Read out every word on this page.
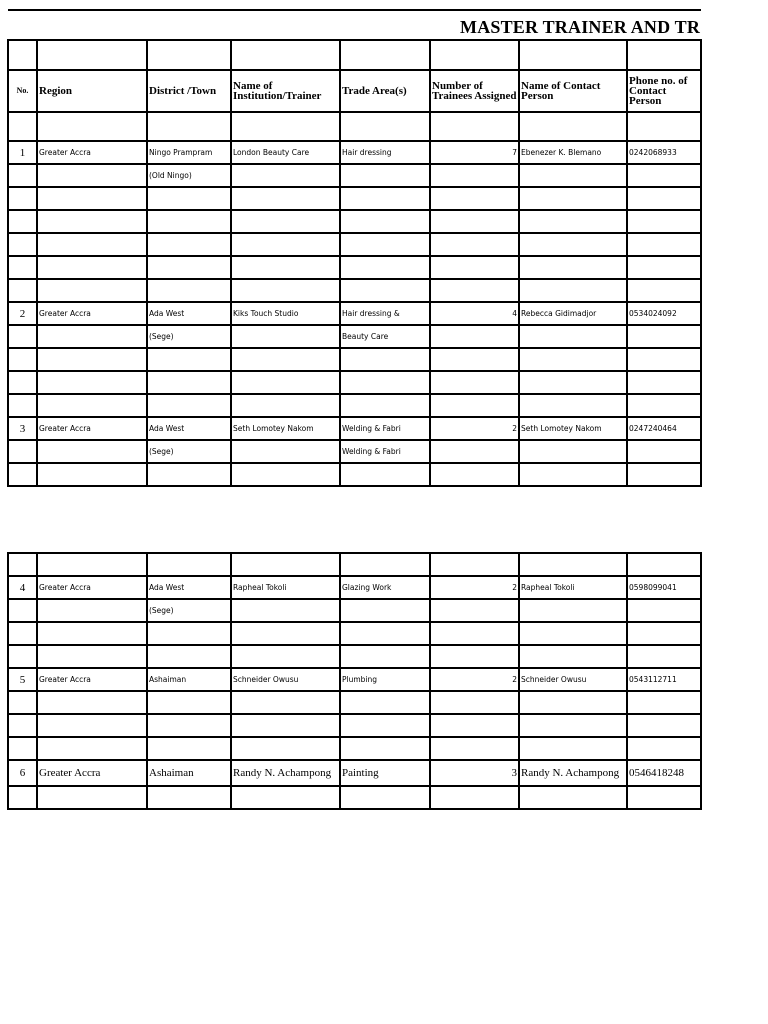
MASTER TRAINER AND TR							

No.	Region	District /Town	Name of Institution/Trainer	Trade Area(s)	Number of Trainees Assigned	Name of Contact Person	Phone no. of Contact Person

1	Greater Accra	Ningo Prampram	London Beauty Care	Hair dressing	7	Ebenezer K. Blemano	0242068933
		(Old Ningo)					

2	Greater Accra	Ada West	Kiks Touch Studio	Hair dressing &	4	Rebecca Gidimadjor	0534024092
		(Sege)		Beauty Care			

3	Greater Accra	Ada West	Seth Lomotey Nakom	Welding & Fabri	2	Seth Lomotey Nakom	0247240464
		(Sege)		Welding & Fabri			

4	Greater Accra	Ada West	Rapheal Tokoli	Glazing Work	2	Rapheal Tokoli	0598099041
		(Sege)					

5	Greater Accra	Ashaiman	Schneider Owusu	Plumbing	2	Schneider Owusu	0543112711

6	Greater Accra	Ashaiman	Randy N. Achampong	Painting	3	Randy N. Achampong	0546418248
